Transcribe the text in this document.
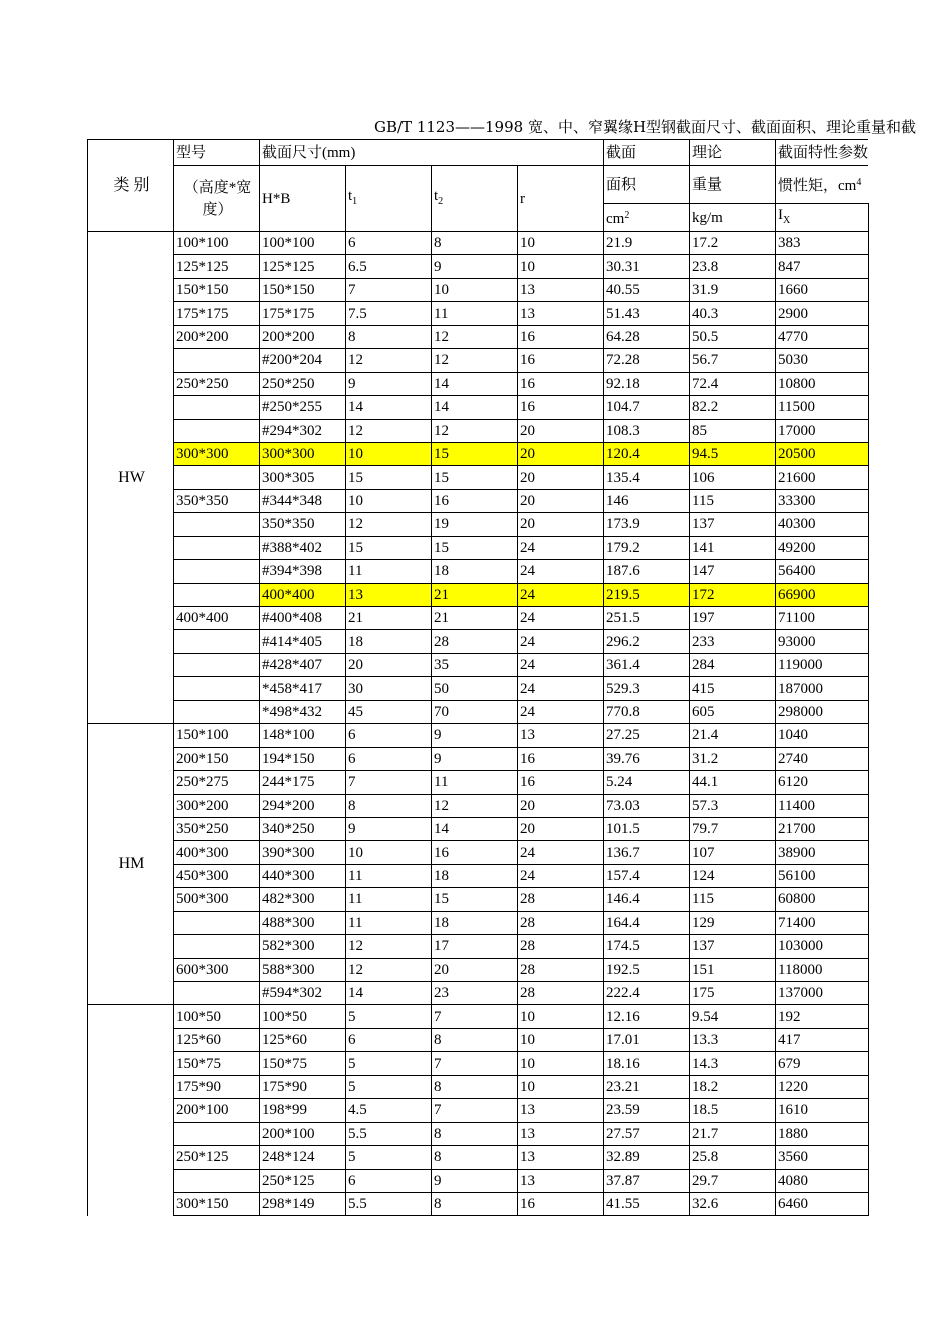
GB/T 1123——1998 宽、中、窄翼缘H型钢截面尺寸、截面面积、理论重量和截
类 别	型号	截面尺寸(mm)				截面	理论	截面特性参数
	（高度*宽度）	H*B	$t_1$	$t_2$	r	面积	重量	惯性矩，$cm^4$
						$cm^2$	kg/m	$I_X$
HW	100*100	100*100	6	8	10	21.9	17.2	383
	125*125	125*125	6.5	9	10	30.31	23.8	847
	150*150	150*150	7	10	13	40.55	31.9	1660
	175*175	175*175	7.5	11	13	51.43	40.3	2900
	200*200	200*200	8	12	16	64.28	50.5	4770
		#200*204	12	12	16	72.28	56.7	5030
	250*250	250*250	9	14	16	92.18	72.4	10800
		#250*255	14	14	16	104.7	82.2	11500
		#294*302	12	12	20	108.3	85	17000
	300*300	300*300	10	15	20	120.4	94.5	20500
		300*305	15	15	20	135.4	106	21600
	350*350	#344*348	10	16	20	146	115	33300
		350*350	12	19	20	173.9	137	40300
		#388*402	15	15	24	179.2	141	49200
		#394*398	11	18	24	187.6	147	56400
		400*400	13	21	24	219.5	172	66900
	400*400	#400*408	21	21	24	251.5	197	71100
		#414*405	18	28	24	296.2	233	93000
		#428*407	20	35	24	361.4	284	119000
		*458*417	30	50	24	529.3	415	187000
		*498*432	45	70	24	770.8	605	298000
HM	150*100	148*100	6	9	13	27.25	21.4	1040
	200*150	194*150	6	9	16	39.76	31.2	2740
	250*275	244*175	7	11	16	5.24	44.1	6120
	300*200	294*200	8	12	20	73.03	57.3	11400
	350*250	340*250	9	14	20	101.5	79.7	21700
	400*300	390*300	10	16	24	136.7	107	38900
	450*300	440*300	11	18	24	157.4	124	56100
	500*300	482*300	11	15	28	146.4	115	60800
		488*300	11	18	28	164.4	129	71400
		582*300	12	17	28	174.5	137	103000
	600*300	588*300	12	20	28	192.5	151	118000
		#594*302	14	23	28	222.4	175	137000
	100*50	100*50	5	7	10	12.16	9.54	192
	125*60	125*60	6	8	10	17.01	13.3	417
	150*75	150*75	5	7	10	18.16	14.3	679
	175*90	175*90	5	8	10	23.21	18.2	1220
	200*100	198*99	4.5	7	13	23.59	18.5	1610
		200*100	5.5	8	13	27.57	21.7	1880
	250*125	248*124	5	8	13	32.89	25.8	3560
		250*125	6	9	13	37.87	29.7	4080
	300*150	298*149	5.5	8	16	41.55	32.6	6460
